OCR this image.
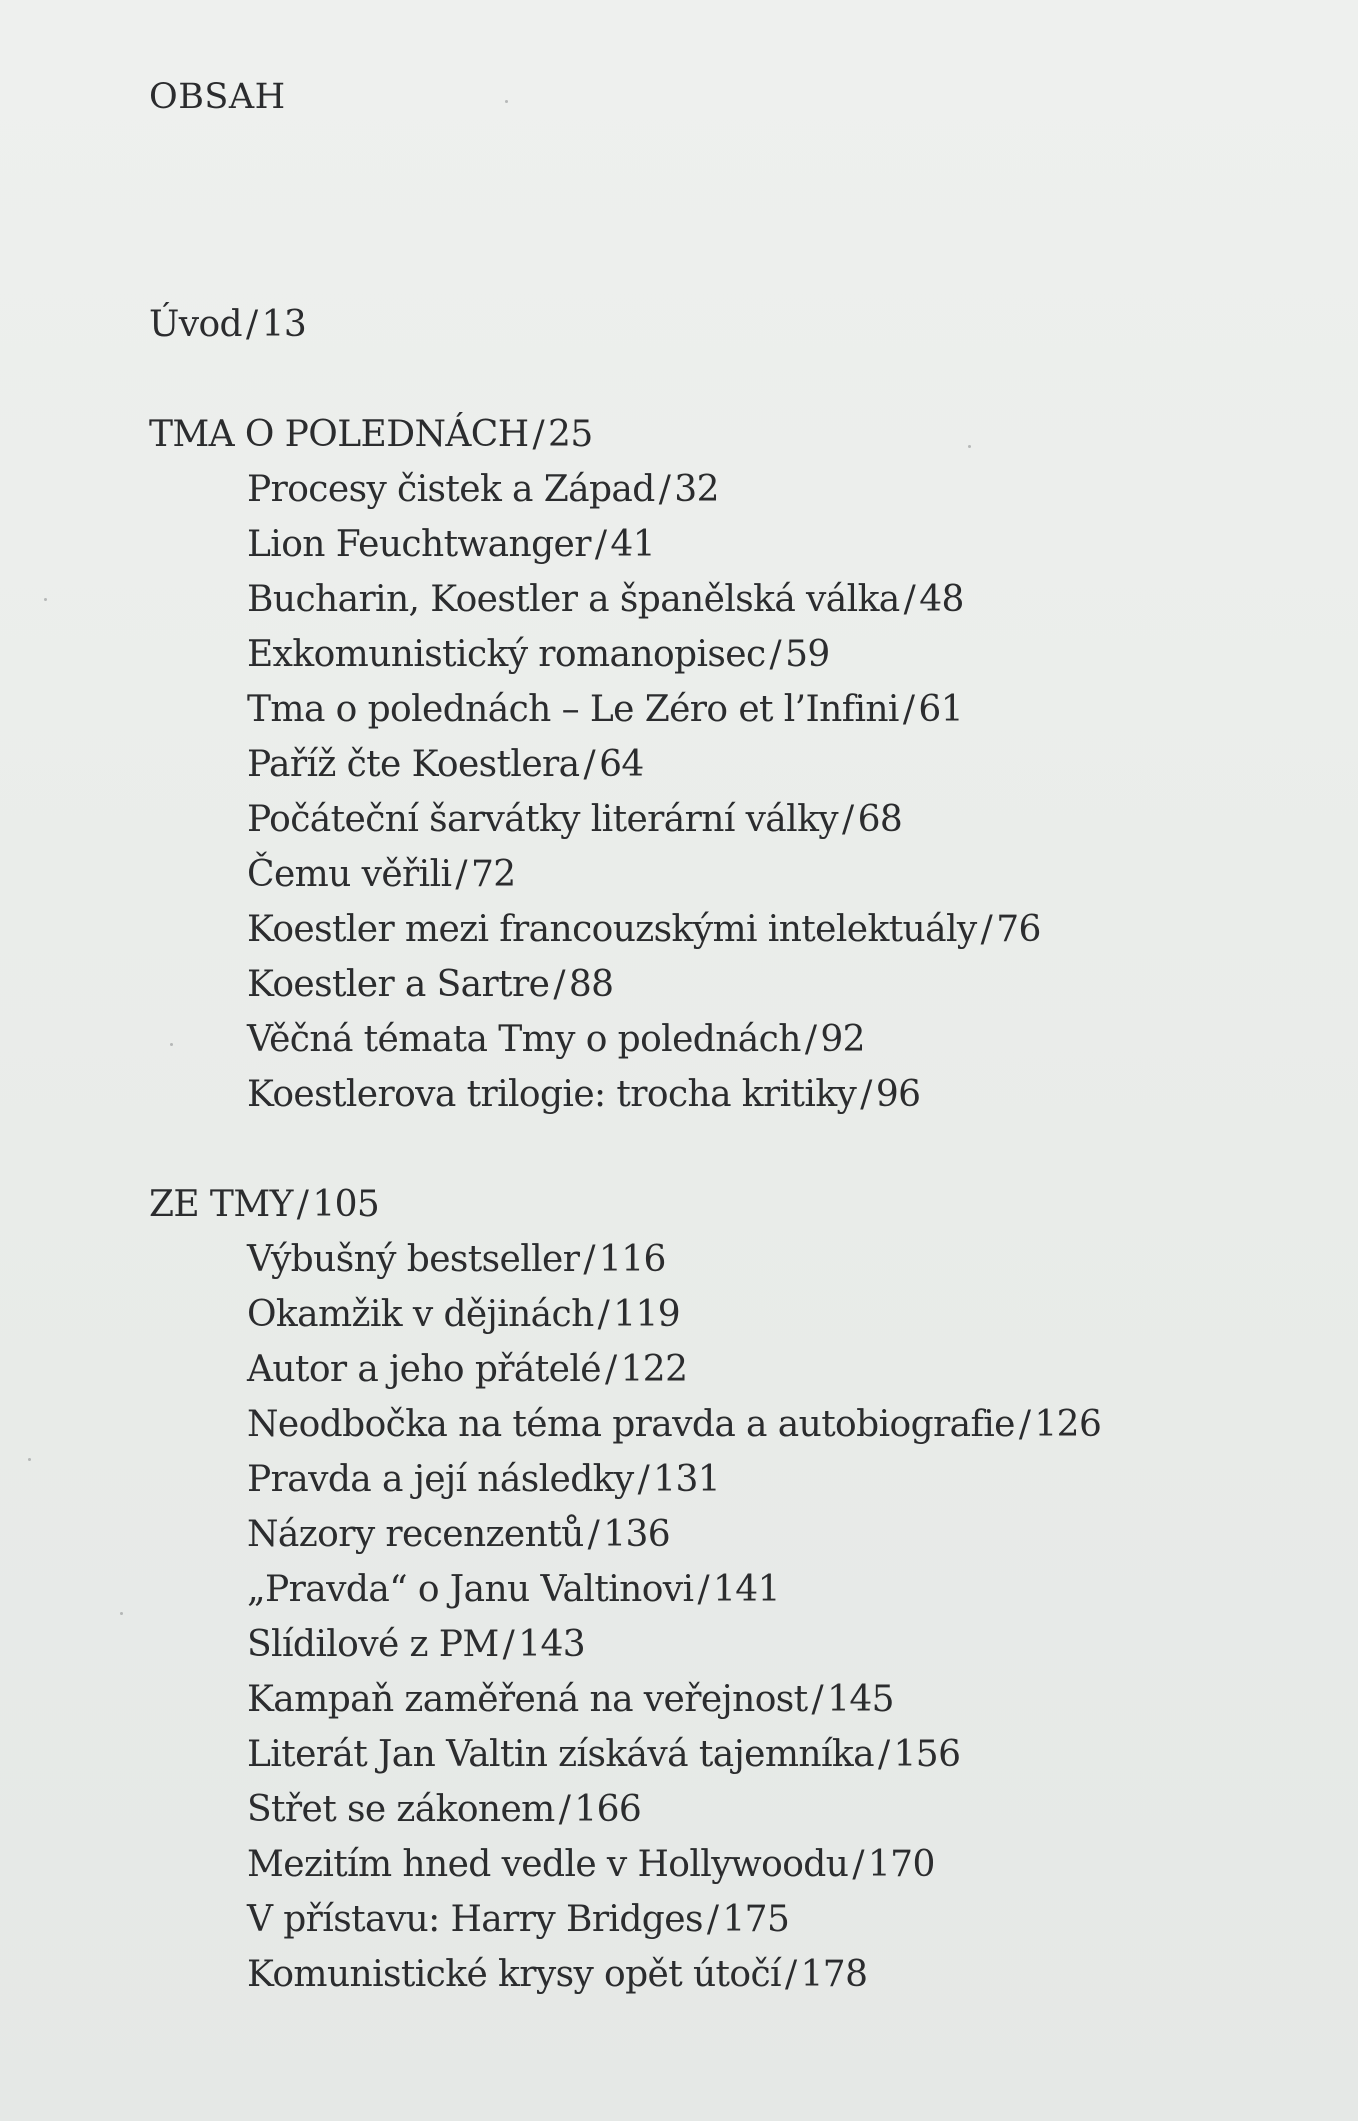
OBSAH
Úvod / 13
TMA O POLEDNÁCH / 25
Procesy čistek a Západ / 32
Lion Feuchtwanger / 41
Bucharin, Koestler a španělská válka / 48
Exkomunistický romanopisec / 59
Tma o polednách – Le Zéro et l’Infini / 61
Paříž čte Koestlera / 64
Počáteční šarvátky literární války / 68
Čemu věřili / 72
Koestler mezi francouzskými intelektuály / 76
Koestler a Sartre / 88
Věčná témata Tmy o polednách / 92
Koestlerova trilogie: trocha kritiky / 96
ZE TMY / 105
Výbušný bestseller / 116
Okamžik v dějinách / 119
Autor a jeho přátelé / 122
Neodbočka na téma pravda a autobiografie / 126
Pravda a její následky / 131
Názory recenzentů / 136
„Pravda“ o Janu Valtinovi / 141
Slídilové z PM / 143
Kampaň zaměřená na veřejnost / 145
Literát Jan Valtin získává tajemníka / 156
Střet se zákonem / 166
Mezitím hned vedle v Hollywoodu / 170
V přístavu: Harry Bridges / 175
Komunistické krysy opět útočí / 178
